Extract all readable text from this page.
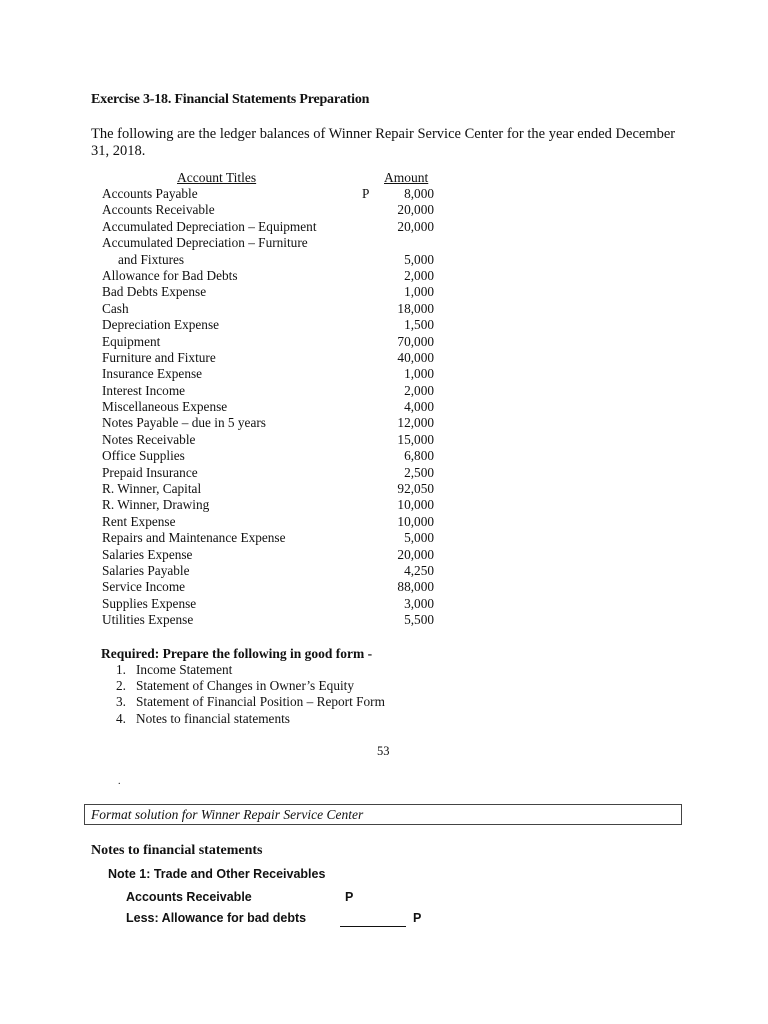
Exercise 3-18. Financial Statements Preparation
The following are the ledger balances of Winner Repair Service Center for the year ended December 31, 2018.
Account Titles	Amount
Accounts Payable	P	8,000
Accounts Receivable	20,000
Accumulated Depreciation – Equipment	20,000
Accumulated Depreciation – Furniture
and Fixtures	5,000
Allowance for Bad Debts	2,000
Bad Debts Expense	1,000
Cash	18,000
Depreciation Expense	1,500
Equipment	70,000
Furniture and Fixture	40,000
Insurance Expense	1,000
Interest Income	2,000
Miscellaneous Expense	4,000
Notes Payable – due in 5 years	12,000
Notes Receivable	15,000
Office Supplies	6,800
Prepaid Insurance	2,500
R. Winner, Capital	92,050
R. Winner, Drawing	10,000
Rent Expense	10,000
Repairs and Maintenance Expense	5,000
Salaries Expense	20,000
Salaries Payable	4,250
Service Income	88,000
Supplies Expense	3,000
Utilities Expense	5,500
Required: Prepare the following in good form -
1. Income Statement
2. Statement of Changes in Owner’s Equity
3. Statement of Financial Position – Report Form
4. Notes to financial statements
53
.
Format solution for Winner Repair Service Center
Notes to financial statements
Note 1: Trade and Other Receivables
Accounts Receivable	P
Less: Allowance for bad debts	P
